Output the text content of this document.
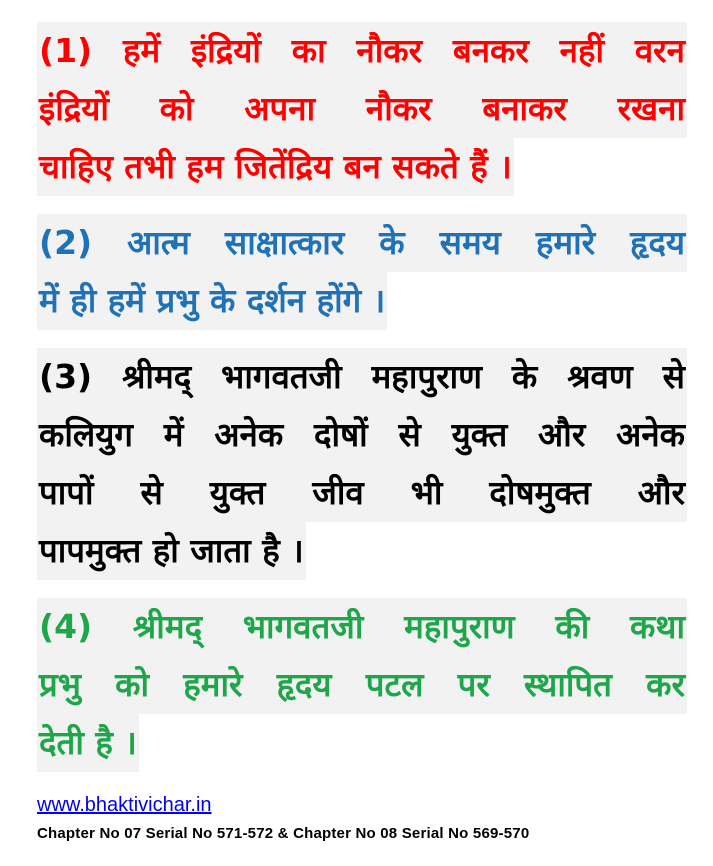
(1) हमें इंद्रियों का नौकर बनकर नहीं वरन
इंद्रियों को अपना नौकर बनाकर रखना
चाहिए तभी हम जितेंद्रिय बन सकते हैं ।
(2) आत्म साक्षात्कार के समय हमारे हृदय
में ही हमें प्रभु के दर्शन होंगे ।
(3) श्रीमद् भागवतजी महापुराण के श्रवण से
कलियुग में अनेक दोषों से युक्त और अनेक
पापों से युक्त जीव भी दोषमुक्त और
पापमुक्त हो जाता है ।
(4) श्रीमद् भागवतजी महापुराण की कथा
प्रभु को हमारे हृदय पटल पर स्थापित कर
देती है ।
www.bhaktivichar.in
Chapter No 07 Serial No 571-572 & Chapter No 08 Serial No 569-570
